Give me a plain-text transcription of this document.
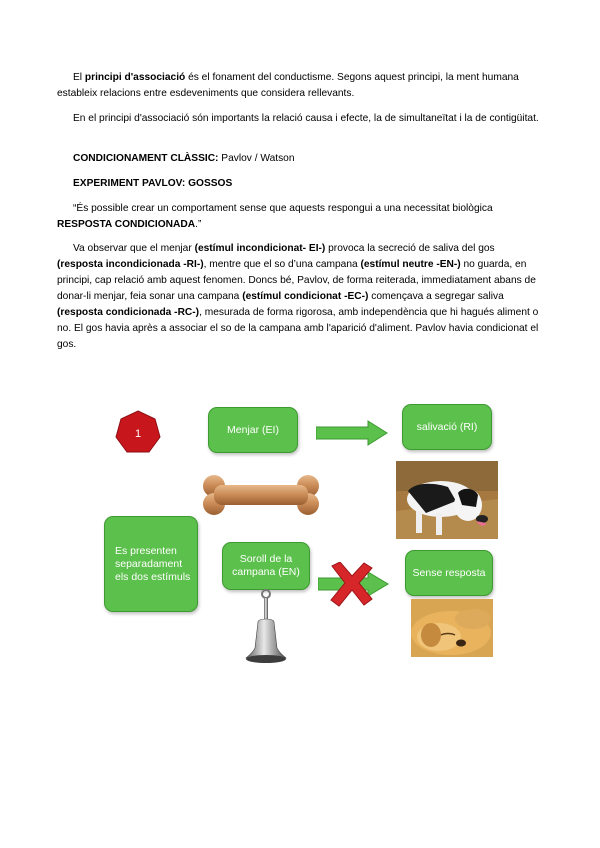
El principi d'associació és el fonament del conductisme. Segons aquest principi, la ment humana estableix relacions entre esdeveniments que considera rellevants.

En el principi d'associació són importants la relació causa i efecte, la de simultaneïtat i la de contigüitat.

CONDICIONAMENT CLÀSSIC: Pavlov / Watson

EXPERIMENT PAVLOV: GOSSOS

“És possible crear un comportament sense que aquests respongui a una necessitat biològica RESPOSTA CONDICIONADA.”

Va observar que el menjar (estímul incondicionat- EI-) provoca la secreció de saliva del gos (resposta incondicionada -RI-), mentre que el so d’una campana (estímul neutre -EN-) no guarda, en principi, cap relació amb aquest fenomen. Doncs bé, Pavlov, de forma reiterada, immediatament abans de donar-li menjar, feia sonar una campana (estímul condicionat -EC-) començava a segregar saliva (resposta condicionada -RC-), mesurada de forma rigorosa, amb independència que hi hagués aliment o no. El gos havia après a associar el so de la campana amb l'aparició d'aliment. Pavlov havia condicionat el gos.

1	Menjar (EI)	salivació (RI)
Es presenten separadament els dos estímuls
Soroll de la campana (EN)	Sense resposta
